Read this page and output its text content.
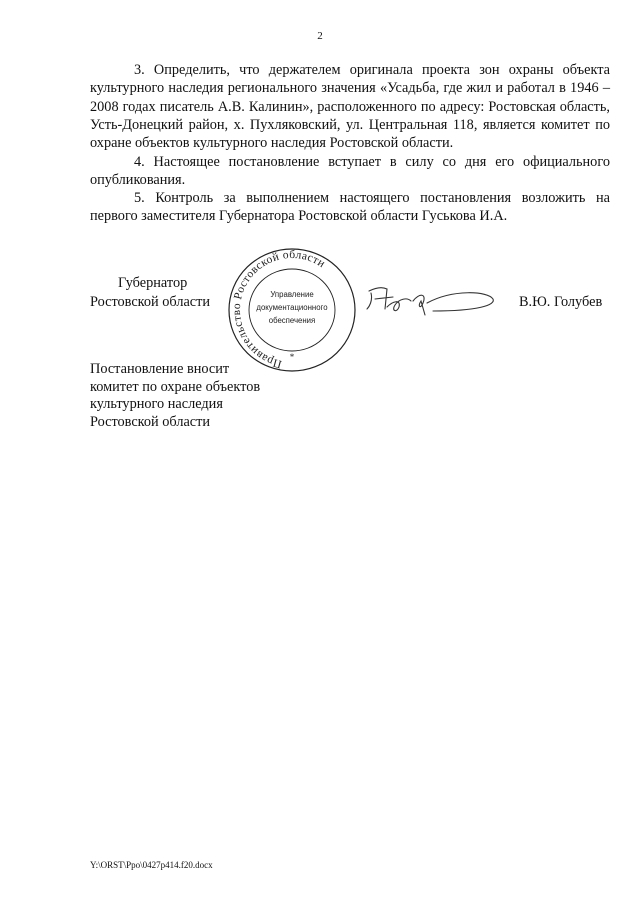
2

3. Определить, что держателем оригинала проекта зон охраны объекта культурного наследия регионального значения «Усадьба, где жил и работал в 1946 – 2008 годах писатель А.В. Калинин», расположенного по адресу: Ростовская область, Усть-Донецкий район, х. Пухляковский, ул. Центральная 118, является комитет по охране объектов культурного наследия Ростовской области.

4. Настоящее постановление вступает в силу со дня его официального опубликования.

5. Контроль за выполнением настоящего постановления возложить на первого заместителя Губернатора Ростовской области Гуськова И.А.

Губернатор
Ростовской области
Правительство Ростовской области
Управление
документационного
обеспечения
*
В.Ю. Голубев
Постановление вносит
комитет по охране объектов
культурного наследия
Ростовской области
Y:\ORST\Ppo\0427p414.f20.docx
